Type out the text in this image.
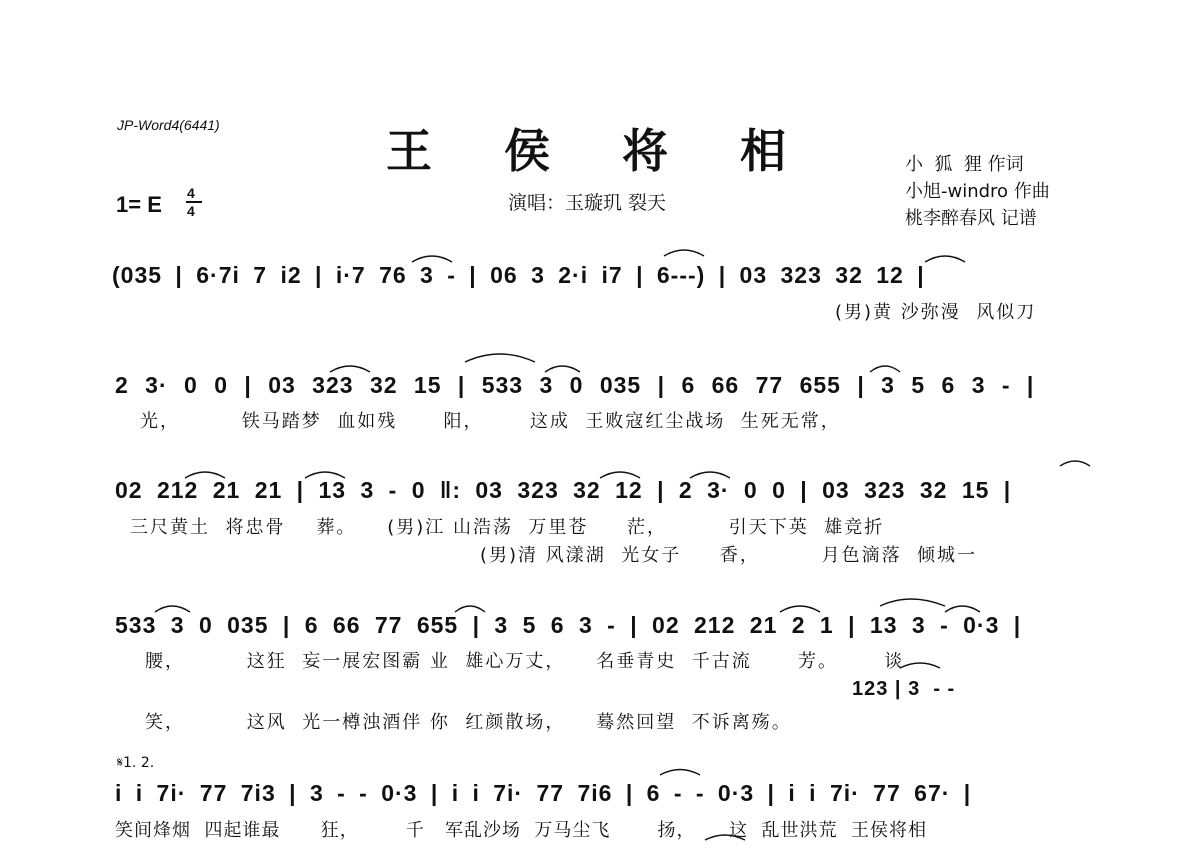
JP-Word4(6441)	王 侯 将 相
演唱：玉璇玑 裂天
小  狐  狸 作词
小旭-windro 作曲
桃李醉春风 记谱
1= E 4
4
(035 | 6·7i 7 i2 | i·7 76 3 - | 06 3 2·i i7 | 6---) | 03 323 32 12 |
(男)黄 沙弥漫  风似刀
2 3· 0 0 | 03 323 32 15 | 533 3 0 035 | 6 66 77 655 | 3 5 6 3 - |
光，        铁马踏梦  血如残      阳，      这成  王败寇红尘战场  生死无常，
02 212 21 21 | 13 3 - 0 ‖: 03 323 32 12 | 2 3· 0 0 | 03 323 32 15 |
三尺黄土  将忠骨    葬。    (男)江 山浩荡  万里苍     茫，        引天下英  雄竞折
(男)清 风漾湖  光女子     香，        月色滴落  倾城一
533 3 0 035 | 6 66 77 655 | 3 5 6 3 - | 02 212 21 2 1 | 13 3 - 0·3 |
腰，        这狂  妄一展宏图霸 业  雄心万丈，    名垂青史  千古流      芳。      谈
123 | 3  - -
笑，        这风  光一樽浊酒伴 你  红颜散场，    蓦然回望  不诉离殇。
𝄋1. 2.
i i 7i· 77 7i3 | 3 - - 0·3 | i i 7i· 77 7i6 | 6 - - 0·3 | i i 7i· 77 67· |
笑间烽烟  四起谁最      狂，       千   军乱沙场  万马尘飞       扬，     这  乱世洪荒  王侯将相
